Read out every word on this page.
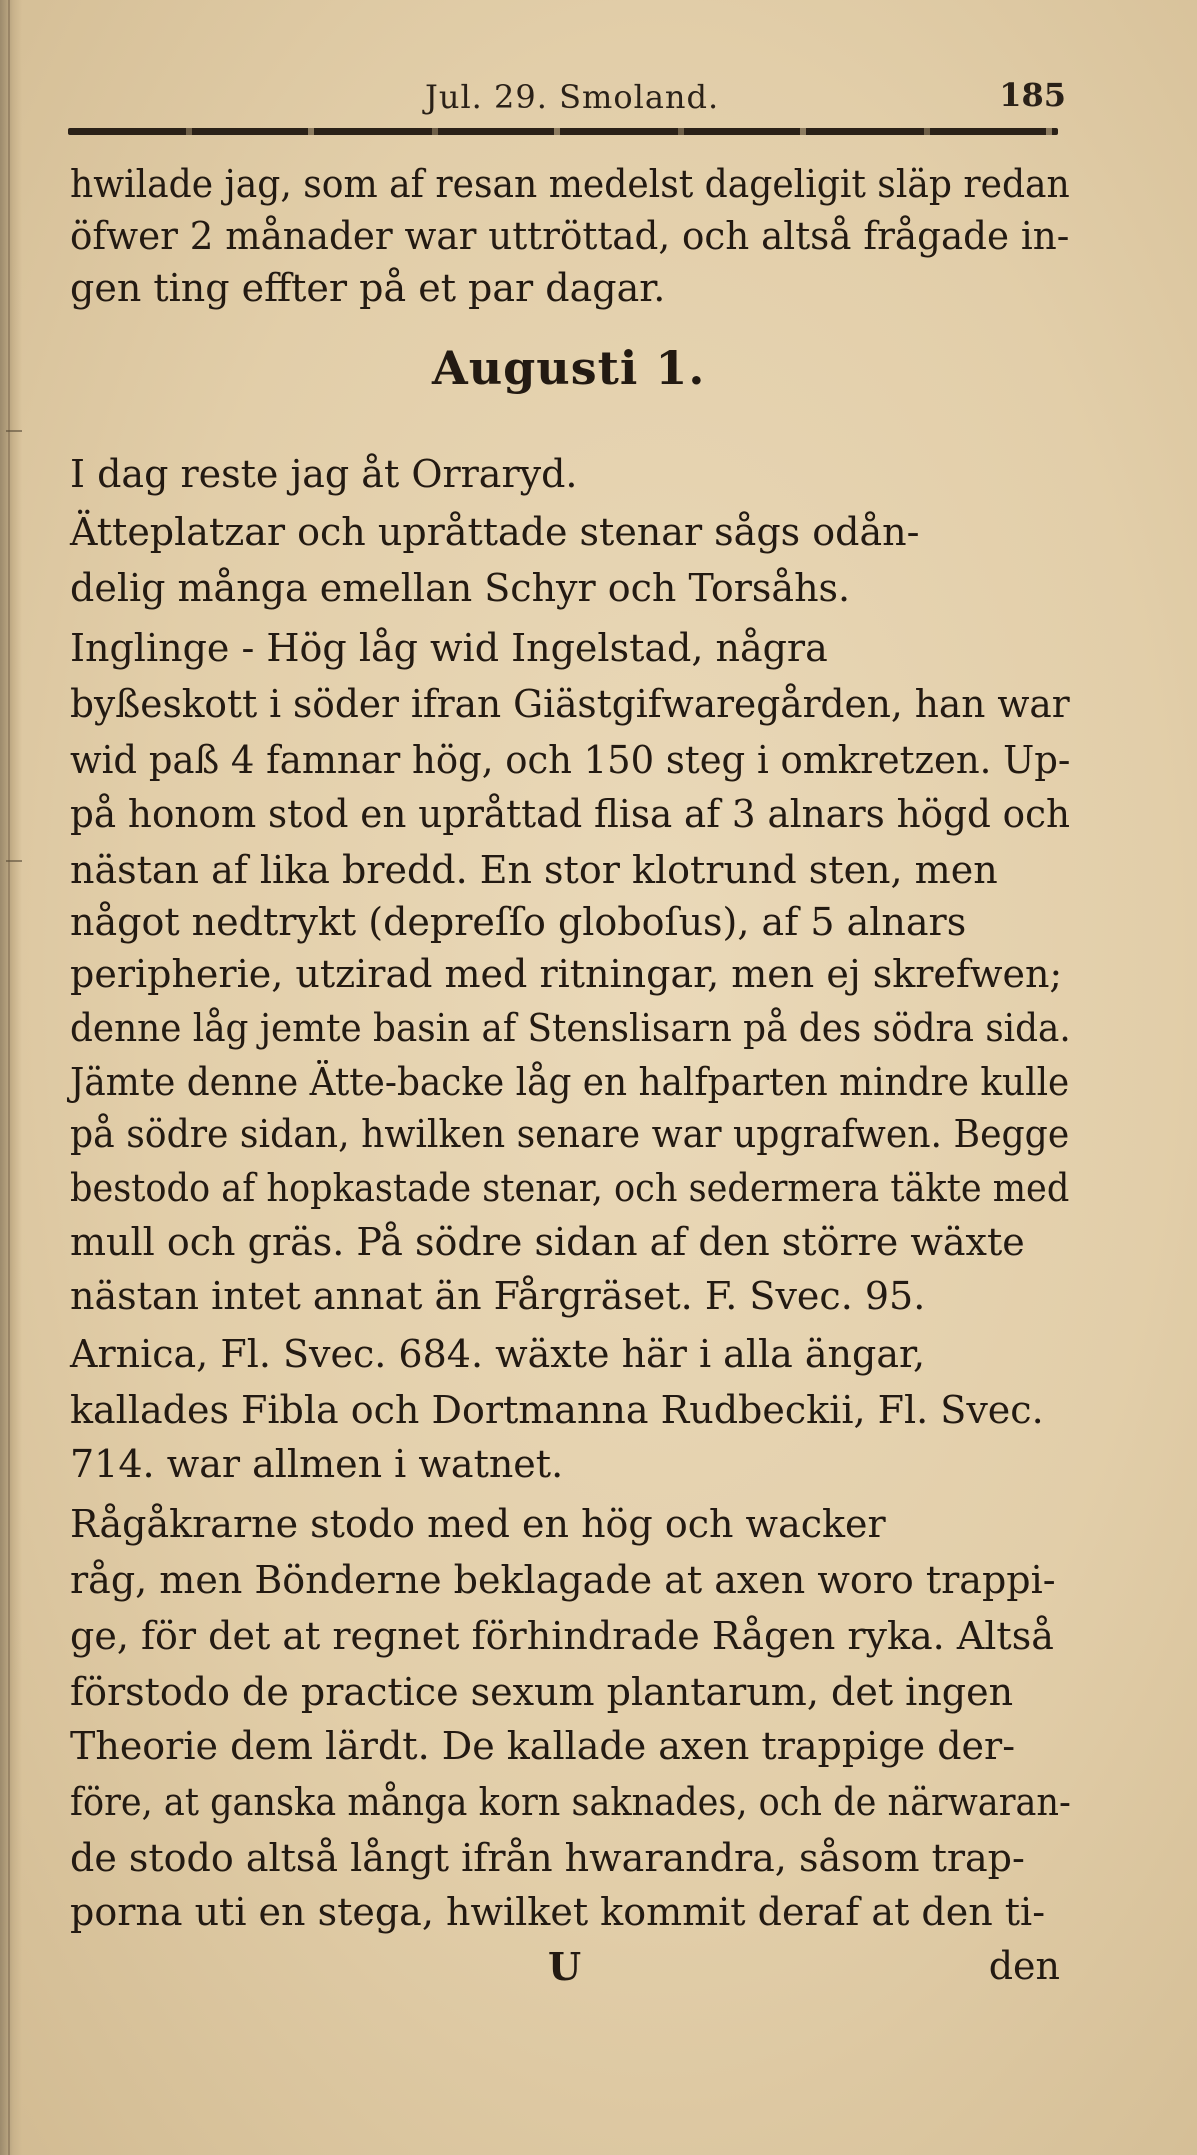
Jul. 29. Smoland.	185

hwilade jag, som af resan medelst dageligit släp redan

öfwer 2 månader war uttröttad, och altså frågade in-

gen ting effter på et par dagar.

Augusti 1.

I dag reste jag åt Orraryd.

Ätteplatzar och upråttade stenar sågs odån-

delig många emellan Schyr och Torsåhs.

Inglinge - Hög låg wid Ingelstad, några

byßeskott i söder ifran Giästgifwaregården, han war

wid paß 4 famnar hög, och 150 steg i omkretzen. Up-

på honom stod en upråttad flisa af 3 alnars högd och

nästan af lika bredd. En stor klotrund sten, men

något nedtrykt (depreſſo globoſus), af 5 alnars

peripherie, utzirad med ritningar, men ej skrefwen;

denne låg jemte basin af Stenslisarn på des södra sida.

Jämte denne Ätte-backe låg en halfparten mindre kulle

på södre sidan, hwilken senare war upgrafwen. Begge

bestodo af hopkastade stenar, och sedermera täkte med

mull och gräs. På södre sidan af den större wäxte

nästan intet annat än Fårgräset. F. Svec. 95.

Arnica, Fl. Svec. 684. wäxte här i alla ängar,

kallades Fibla och Dortmanna Rudbeckii, Fl. Svec.

714. war allmen i watnet.

Rågåkrarne stodo med en hög och wacker

råg, men Bönderne beklagade at axen woro trappi-

ge, för det at regnet förhindrade Rågen ryka. Altså

förstodo de practice sexum plantarum, det ingen

Theorie dem lärdt. De kallade axen trappige der-

före, at ganska många korn saknades, och de närwaran-

de stodo altså långt ifrån hwarandra, såsom trap-

porna uti en stega, hwilket kommit deraf at den ti-

U	den
